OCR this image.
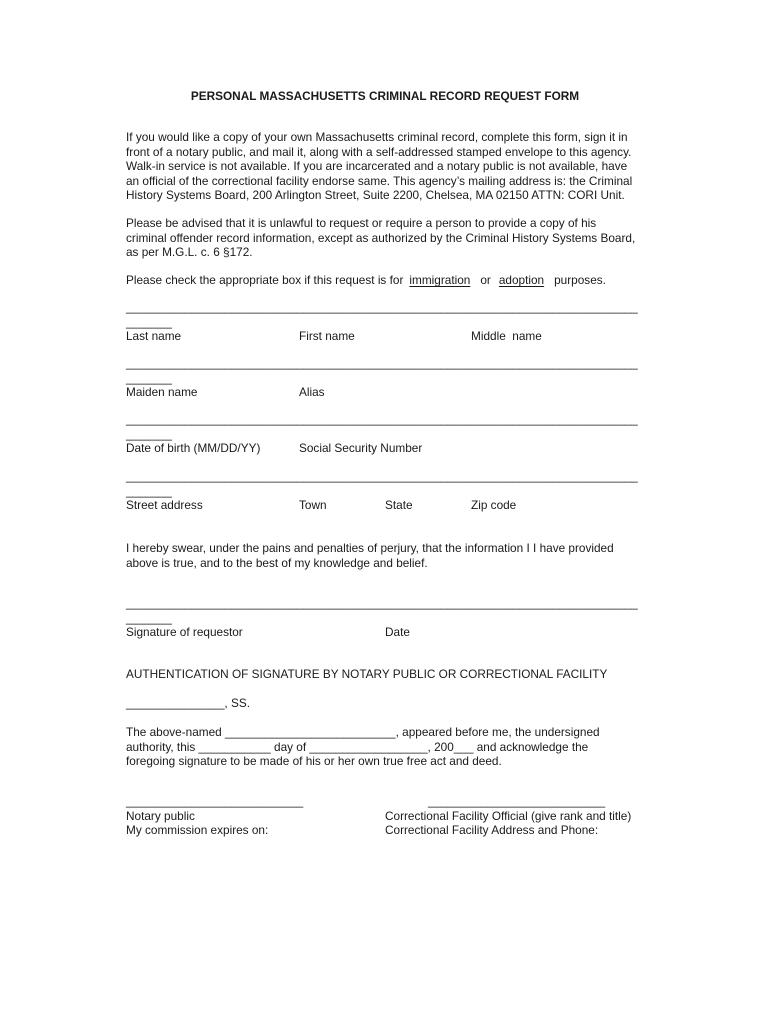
PERSONAL MASSACHUSETTS CRIMINAL RECORD REQUEST FORM
If you would like a copy of your own Massachusetts criminal record, complete this form, sign it in
front of a notary public, and mail it, along with a self-addressed stamped envelope to this agency.
Walk-in service is not available. If you are incarcerated and a notary public is not available, have
an official of the correctional facility endorse same. This agency’s mailing address is: the Criminal
History Systems Board, 200 Arlington Street, Suite 2200, Chelsea, MA 02150 ATTN: CORI Unit.
Please be advised that it is unlawful to request or require a person to provide a copy of his
criminal offender record information, except as authorized by the Criminal History Systems Board,
as per M.G.L. c. 6 §172.
Please check the appropriate box if this request is for immigration or adoption purposes.
______________________________________________________________________________
_______
Last name	First name	Middle  name
______________________________________________________________________________
_______
Maiden name	Alias
______________________________________________________________________________
_______
Date of birth (MM/DD/YY)	Social Security Number
______________________________________________________________________________
_______
Street address	Town	State	Zip code
I hereby swear, under the pains and penalties of perjury, that the information I I have provided
above is true, and to the best of my knowledge and belief.
______________________________________________________________________________
_______
Signature of requestor	Date
AUTHENTICATION OF SIGNATURE BY NOTARY PUBLIC OR CORRECTIONAL FACILITY
_______________, SS.
The above-named __________________________, appeared before me, the undersigned
authority, this ___________ day of __________________, 200___ and acknowledge the
foregoing signature to be made of his or her own true free act and deed.
___________________________	___________________________
Notary public	Correctional Facility Official (give rank and title)
My commission expires on:	Correctional Facility Address and Phone:
